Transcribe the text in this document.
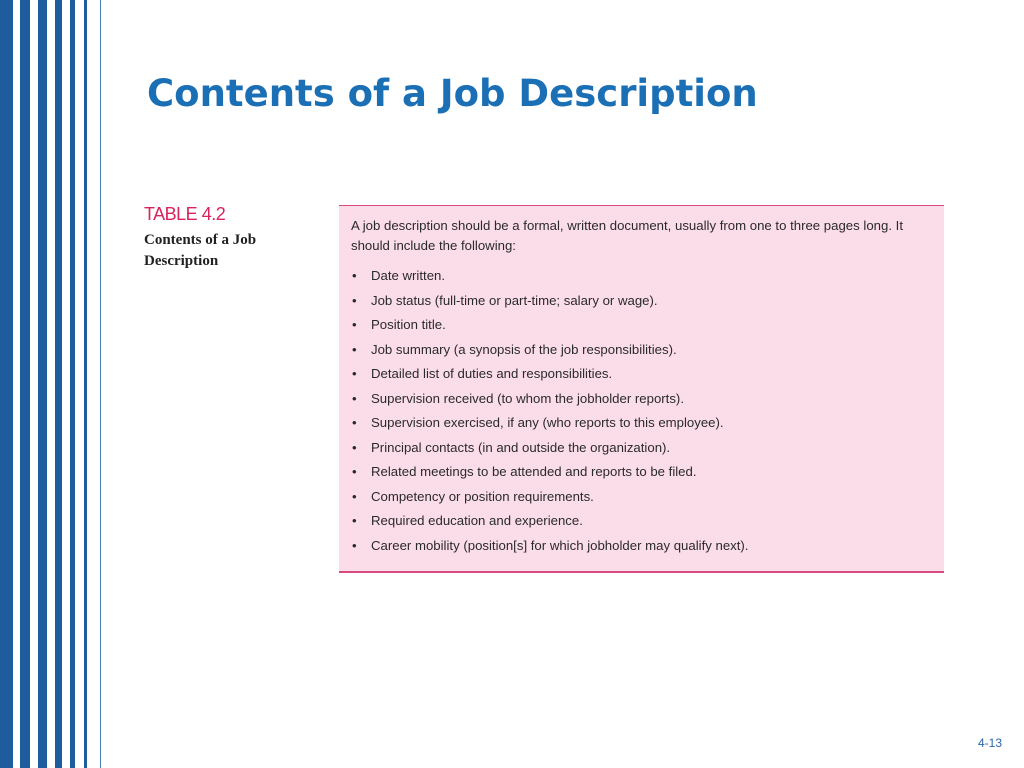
Contents of a Job Description
TABLE 4.2
Contents of a Job Description

A job description should be a formal, written document, usually from one to three pages long. It should include the following:

• Date written.
• Job status (full-time or part-time; salary or wage).
• Position title.
• Job summary (a synopsis of the job responsibilities).
• Detailed list of duties and responsibilities.
• Supervision received (to whom the jobholder reports).
• Supervision exercised, if any (who reports to this employee).
• Principal contacts (in and outside the organization).
• Related meetings to be attended and reports to be filed.
• Competency or position requirements.
• Required education and experience.
• Career mobility (position[s] for which jobholder may qualify next).
4-13
